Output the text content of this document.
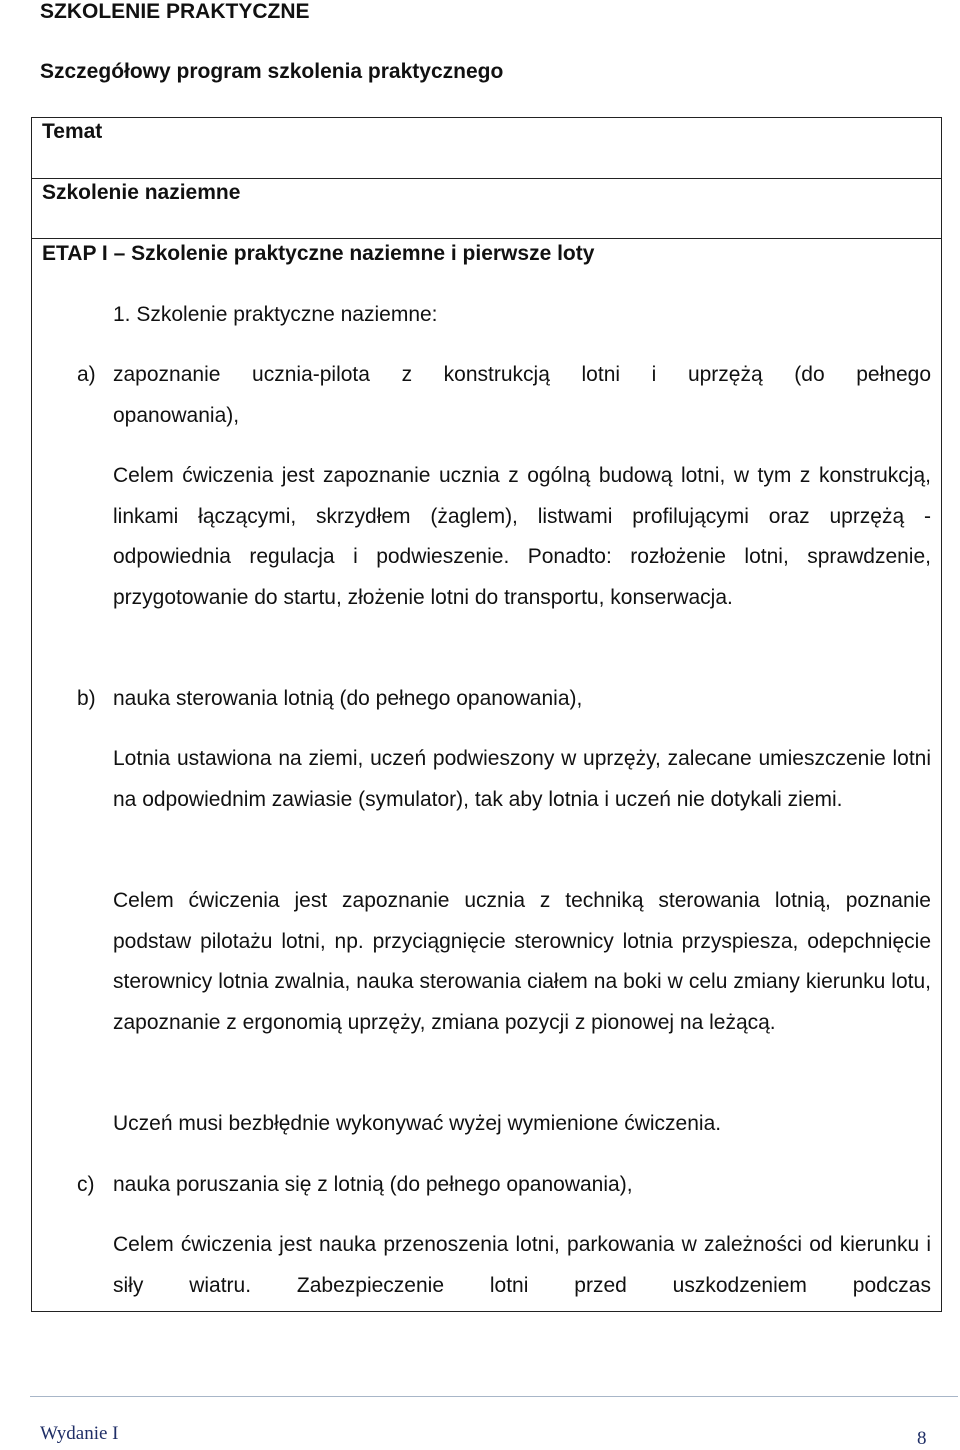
SZKOLENIE PRAKTYCZNE
Szczegółowy program szkolenia praktycznego
Temat
Szkolenie naziemne
ETAP I – Szkolenie praktyczne naziemne i pierwsze loty
1. Szkolenie praktyczne naziemne:
a) zapoznanie ucznia-pilota z konstrukcją lotni i uprzężą (do pełnego
opanowania),
Celem ćwiczenia jest zapoznanie ucznia z ogólną budową lotni, w tym z konstrukcją, linkami łączącymi, skrzydłem (żaglem), listwami profilującymi oraz uprzężą - odpowiednia regulacja i podwieszenie. Ponadto: rozłożenie lotni, sprawdzenie, przygotowanie do startu, złożenie lotni do transportu, konserwacja.
b) nauka sterowania lotnią (do pełnego opanowania),
Lotnia ustawiona na ziemi, uczeń podwieszony w uprzęży, zalecane umieszczenie lotni na odpowiednim zawiasie (symulator), tak aby lotnia i uczeń nie dotykali ziemi.
Celem ćwiczenia jest zapoznanie ucznia z techniką sterowania lotnią, poznanie podstaw pilotażu lotni, np. przyciągnięcie sterownicy lotnia przyspiesza, odepchnięcie sterownicy lotnia zwalnia, nauka sterowania ciałem na boki w celu zmiany kierunku lotu, zapoznanie z ergonomią uprzęży, zmiana pozycji z pionowej na leżącą.
Uczeń musi bezbłędnie wykonywać wyżej wymienione ćwiczenia.
c) nauka poruszania się z lotnią (do pełnego opanowania),
Celem ćwiczenia jest nauka przenoszenia lotni, parkowania w zależności od kierunku i siły wiatru. Zabezpieczenie lotni przed uszkodzeniem podczas
Wydanie I	8
